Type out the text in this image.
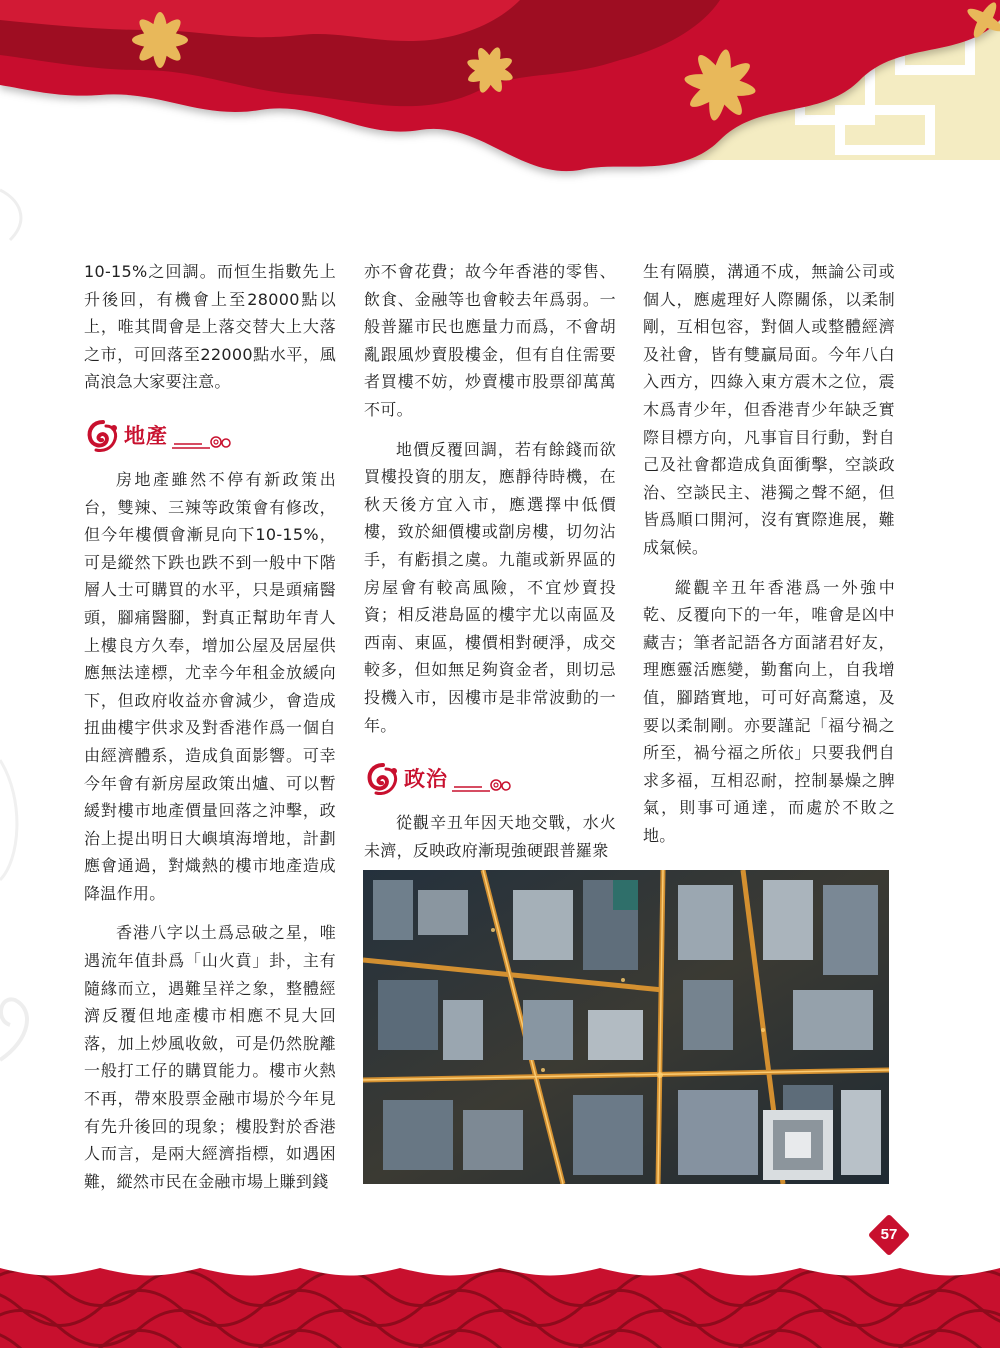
10-15%之回調。而恒生指數先上升後回，有機會上至28000點以上，唯其間會是上落交替大上大落之市，可回落至22000點水平，風高浪急大家要注意。

地產

房地產雖然不停有新政策出台，雙辣、三辣等政策會有修改，但今年樓價會漸見向下10-15%，可是縱然下跌也跌不到一般中下階層人士可購買的水平，只是頭痛醫頭，腳痛醫腳，對真正幫助年青人上樓良方久奉，增加公屋及居屋供應無法達標，尤幸今年租金放緩向下，但政府收益亦會減少，會造成扭曲樓宇供求及對香港作爲一個自由經濟體系，造成負面影響。可幸今年會有新房屋政策出爐、可以暫緩對樓市地產價量回落之沖擊，政治上提出明日大嶼填海增地，計劃應會通過，對熾熱的樓市地產造成降温作用。

香港八字以土爲忌破之星，唯遇流年值卦爲「山火賁」卦，主有隨緣而立，遇難呈祥之象，整體經濟反覆但地產樓市相應不見大回落，加上炒風收斂，可是仍然脫離一般打工仔的購買能力。樓市火熱不再，帶來股票金融市場於今年見有先升後回的現象；樓股對於香港人而言，是兩大經濟指標，如遇困難，縱然市民在金融市場上賺到錢

亦不會花費；故今年香港的零售、飲食、金融等也會較去年爲弱。一般普羅市民也應量力而爲，不會胡亂跟風炒賣股樓金，但有自住需要者買樓不妨，炒賣樓市股票卻萬萬不可。

地價反覆回調，若有餘錢而欲買樓投資的朋友，應靜待時機，在秋天後方宜入市，應選擇中低價樓，致於細價樓或劏房樓，切勿沾手，有虧損之虞。九龍或新界區的房屋會有較高風險，不宜炒賣投資；相反港島區的樓宇尤以南區及西南、東區，樓價相對硬淨，成交較多，但如無足夠資金者，則切忌投機入市，因樓市是非常波動的一年。

政治

從觀辛丑年因天地交戰，水火未濟，反映政府漸現強硬跟普羅衆

生有隔膜，溝通不成，無論公司或個人，應處理好人際關係，以柔制剛，互相包容，對個人或整體經濟及社會，皆有雙贏局面。今年八白入西方，四綠入東方震木之位，震木爲青少年，但香港青少年缺乏實際目標方向，凡事盲目行動，對自己及社會都造成負面衝擊，空談政治、空談民主、港獨之聲不絕，但皆爲順口開河，沒有實際進展，難成氣候。

縱觀辛丑年香港爲一外強中乾、反覆向下的一年，唯會是凶中藏吉；筆者記語各方面諸君好友，理應靈活應變，勤奮向上，自我增值，腳踏實地，可可好高騖遠，及要以柔制剛。亦要謹記「福兮禍之所至，禍兮福之所依」只要我們自求多福，互相忍耐，控制暴燥之脾氣，則事可通達，而處於不敗之地。

57
